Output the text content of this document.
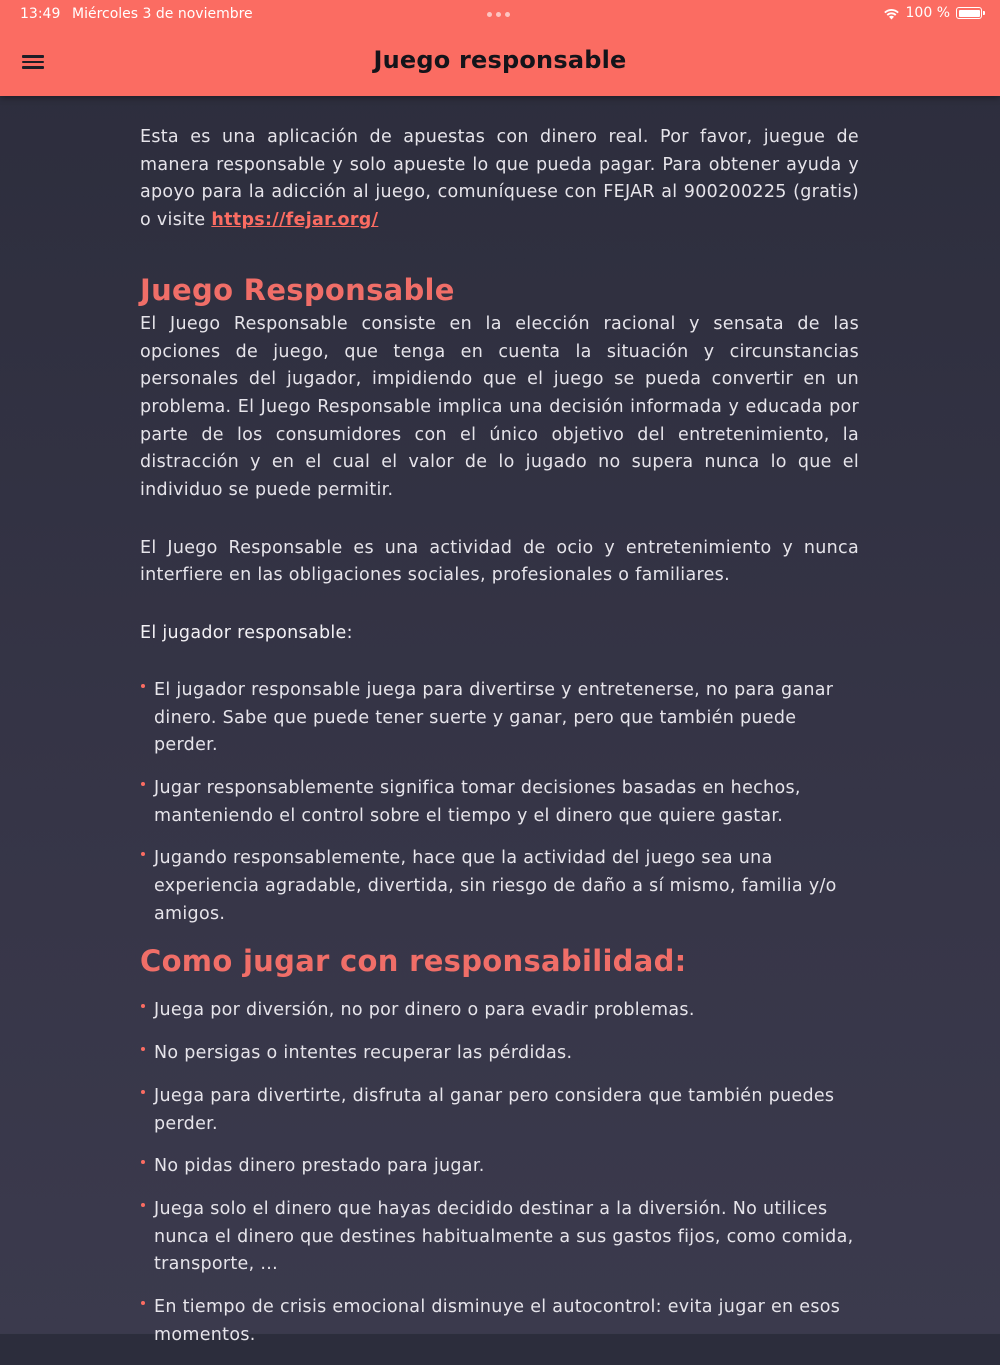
13:49 Miércoles 3 de noviembre	100 %
Juego responsable

Esta es una aplicación de apuestas con dinero real. Por favor, juegue de manera responsable y solo apueste lo que pueda pagar. Para obtener ayuda y apoyo para la adicción al juego, comuníquese con FEJAR al 900200225 (gratis) o visite https://fejar.org/

Juego Responsable

El Juego Responsable consiste en la elección racional y sensata de las opciones de juego, que tenga en cuenta la situación y circunstancias personales del jugador, impidiendo que el juego se pueda convertir en un problema. El Juego Responsable implica una decisión informada y educada por parte de los consumidores con el único objetivo del entretenimiento, la distracción y en el cual el valor de lo jugado no supera nunca lo que el individuo se puede permitir.

El Juego Responsable es una actividad de ocio y entretenimiento y nunca interfiere en las obligaciones sociales, profesionales o familiares.

El jugador responsable:

El jugador responsable juega para divertirse y entretenerse, no para ganar dinero. Sabe que puede tener suerte y ganar, pero que también puede perder.
Jugar responsablemente significa tomar decisiones basadas en hechos, manteniendo el control sobre el tiempo y el dinero que quiere gastar.
Jugando responsablemente, hace que la actividad del juego sea una experiencia agradable, divertida, sin riesgo de daño a sí mismo, familia y/o amigos.
Como jugar con responsabilidad:
Juega por diversión, no por dinero o para evadir problemas.
No persigas o intentes recuperar las pérdidas.
Juega para divertirte, disfruta al ganar pero considera que también puedes perder.
No pidas dinero prestado para jugar.
Juega solo el dinero que hayas decidido destinar a la diversión. No utilices nunca el dinero que destines habitualmente a sus gastos fijos, como comida, transporte, ...
En tiempo de crisis emocional disminuye el autocontrol: evita jugar en esos momentos.
